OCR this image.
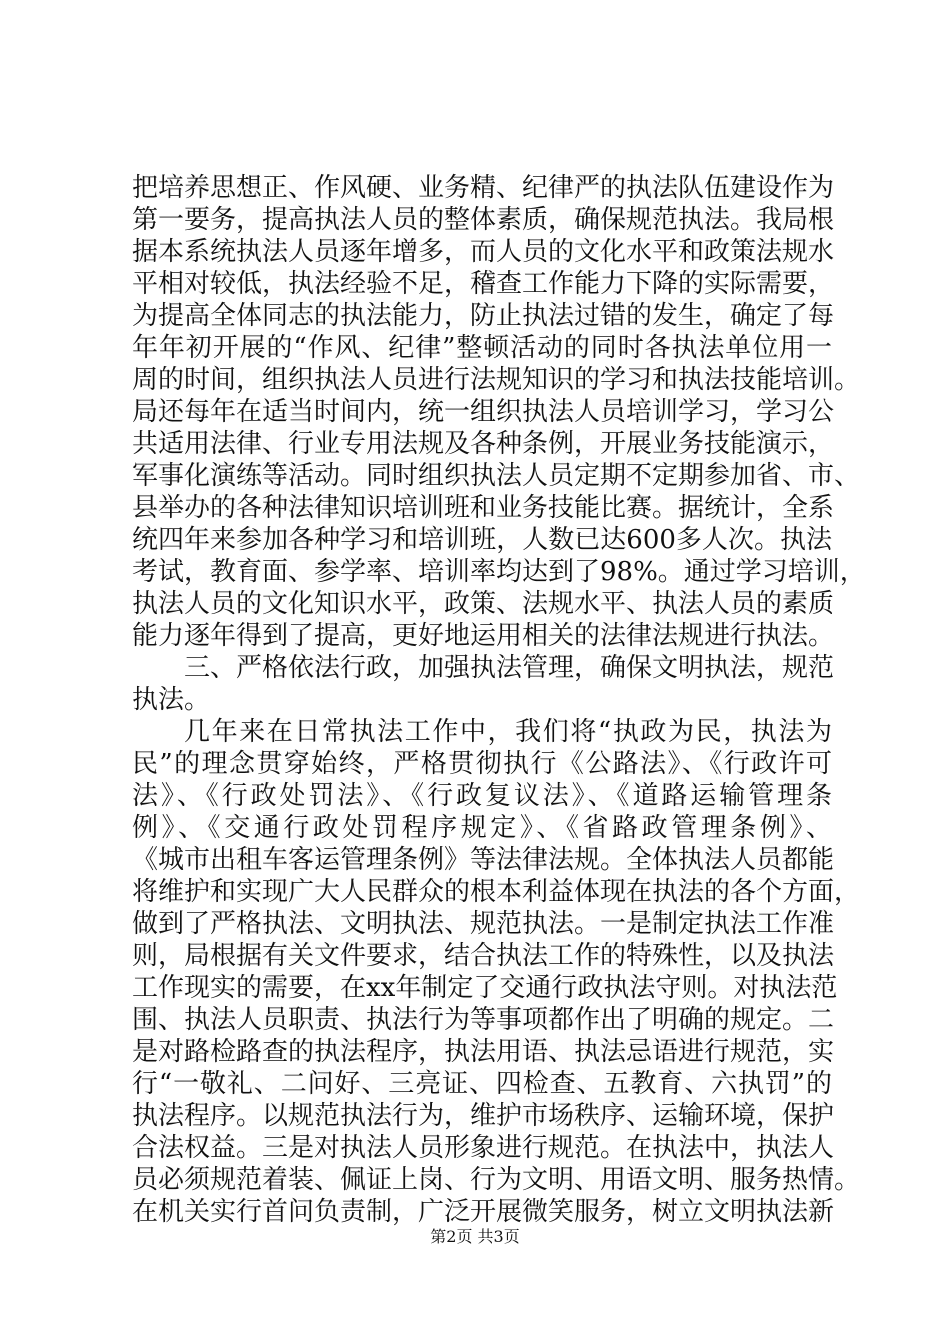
把培养思想正、作风硬、业务精、纪律严的执法队伍建设作为
第一要务，提高执法人员的整体素质，确保规范执法。我局根
据本系统执法人员逐年增多，而人员的文化水平和政策法规水
平相对较低，执法经验不足，稽查工作能力下降的实际需要，
为提高全体同志的执法能力，防止执法过错的发生，确定了每
年年初开展的“作风、纪律”整顿活动的同时各执法单位用一
周的时间，组织执法人员进行法规知识的学习和执法技能培训。
局还每年在适当时间内，统一组织执法人员培训学习，学习公
共适用法律、行业专用法规及各种条例，开展业务技能演示，
军事化演练等活动。同时组织执法人员定期不定期参加省、市、
县举办的各种法律知识培训班和业务技能比赛。据统计，全系
统四年来参加各种学习和培训班，人数已达600多人次。执法
考试，教育面、参学率、培训率均达到了98%。通过学习培训，
执法人员的文化知识水平，政策、法规水平、执法人员的素质
能力逐年得到了提高，更好地运用相关的法律法规进行执法。
三、严格依法行政，加强执法管理，确保文明执法，规范
执法。
几年来在日常执法工作中，我们将“执政为民，执法为
民”的理念贯穿始终，严格贯彻执行《公路法》、《行政许可
法》、《行政处罚法》、《行政复议法》、《道路运输管理条
例》、《交通行政处罚程序规定》、《省路政管理条例》、
《城市出租车客运管理条例》等法律法规。全体执法人员都能
将维护和实现广大人民群众的根本利益体现在执法的各个方面，
做到了严格执法、文明执法、规范执法。一是制定执法工作准
则，局根据有关文件要求，结合执法工作的特殊性，以及执法
工作现实的需要，在xx年制定了交通行政执法守则。对执法范
围、执法人员职责、执法行为等事项都作出了明确的规定。二
是对路检路查的执法程序，执法用语、执法忌语进行规范，实
行“一敬礼、二问好、三亮证、四检查、五教育、六执罚”的
执法程序。以规范执法行为，维护市场秩序、运输环境，保护
合法权益。三是对执法人员形象进行规范。在执法中，执法人
员必须规范着装、佩证上岗、行为文明、用语文明、服务热情。
在机关实行首问负责制，广泛开展微笑服务，树立文明执法新
第2页 共3页
